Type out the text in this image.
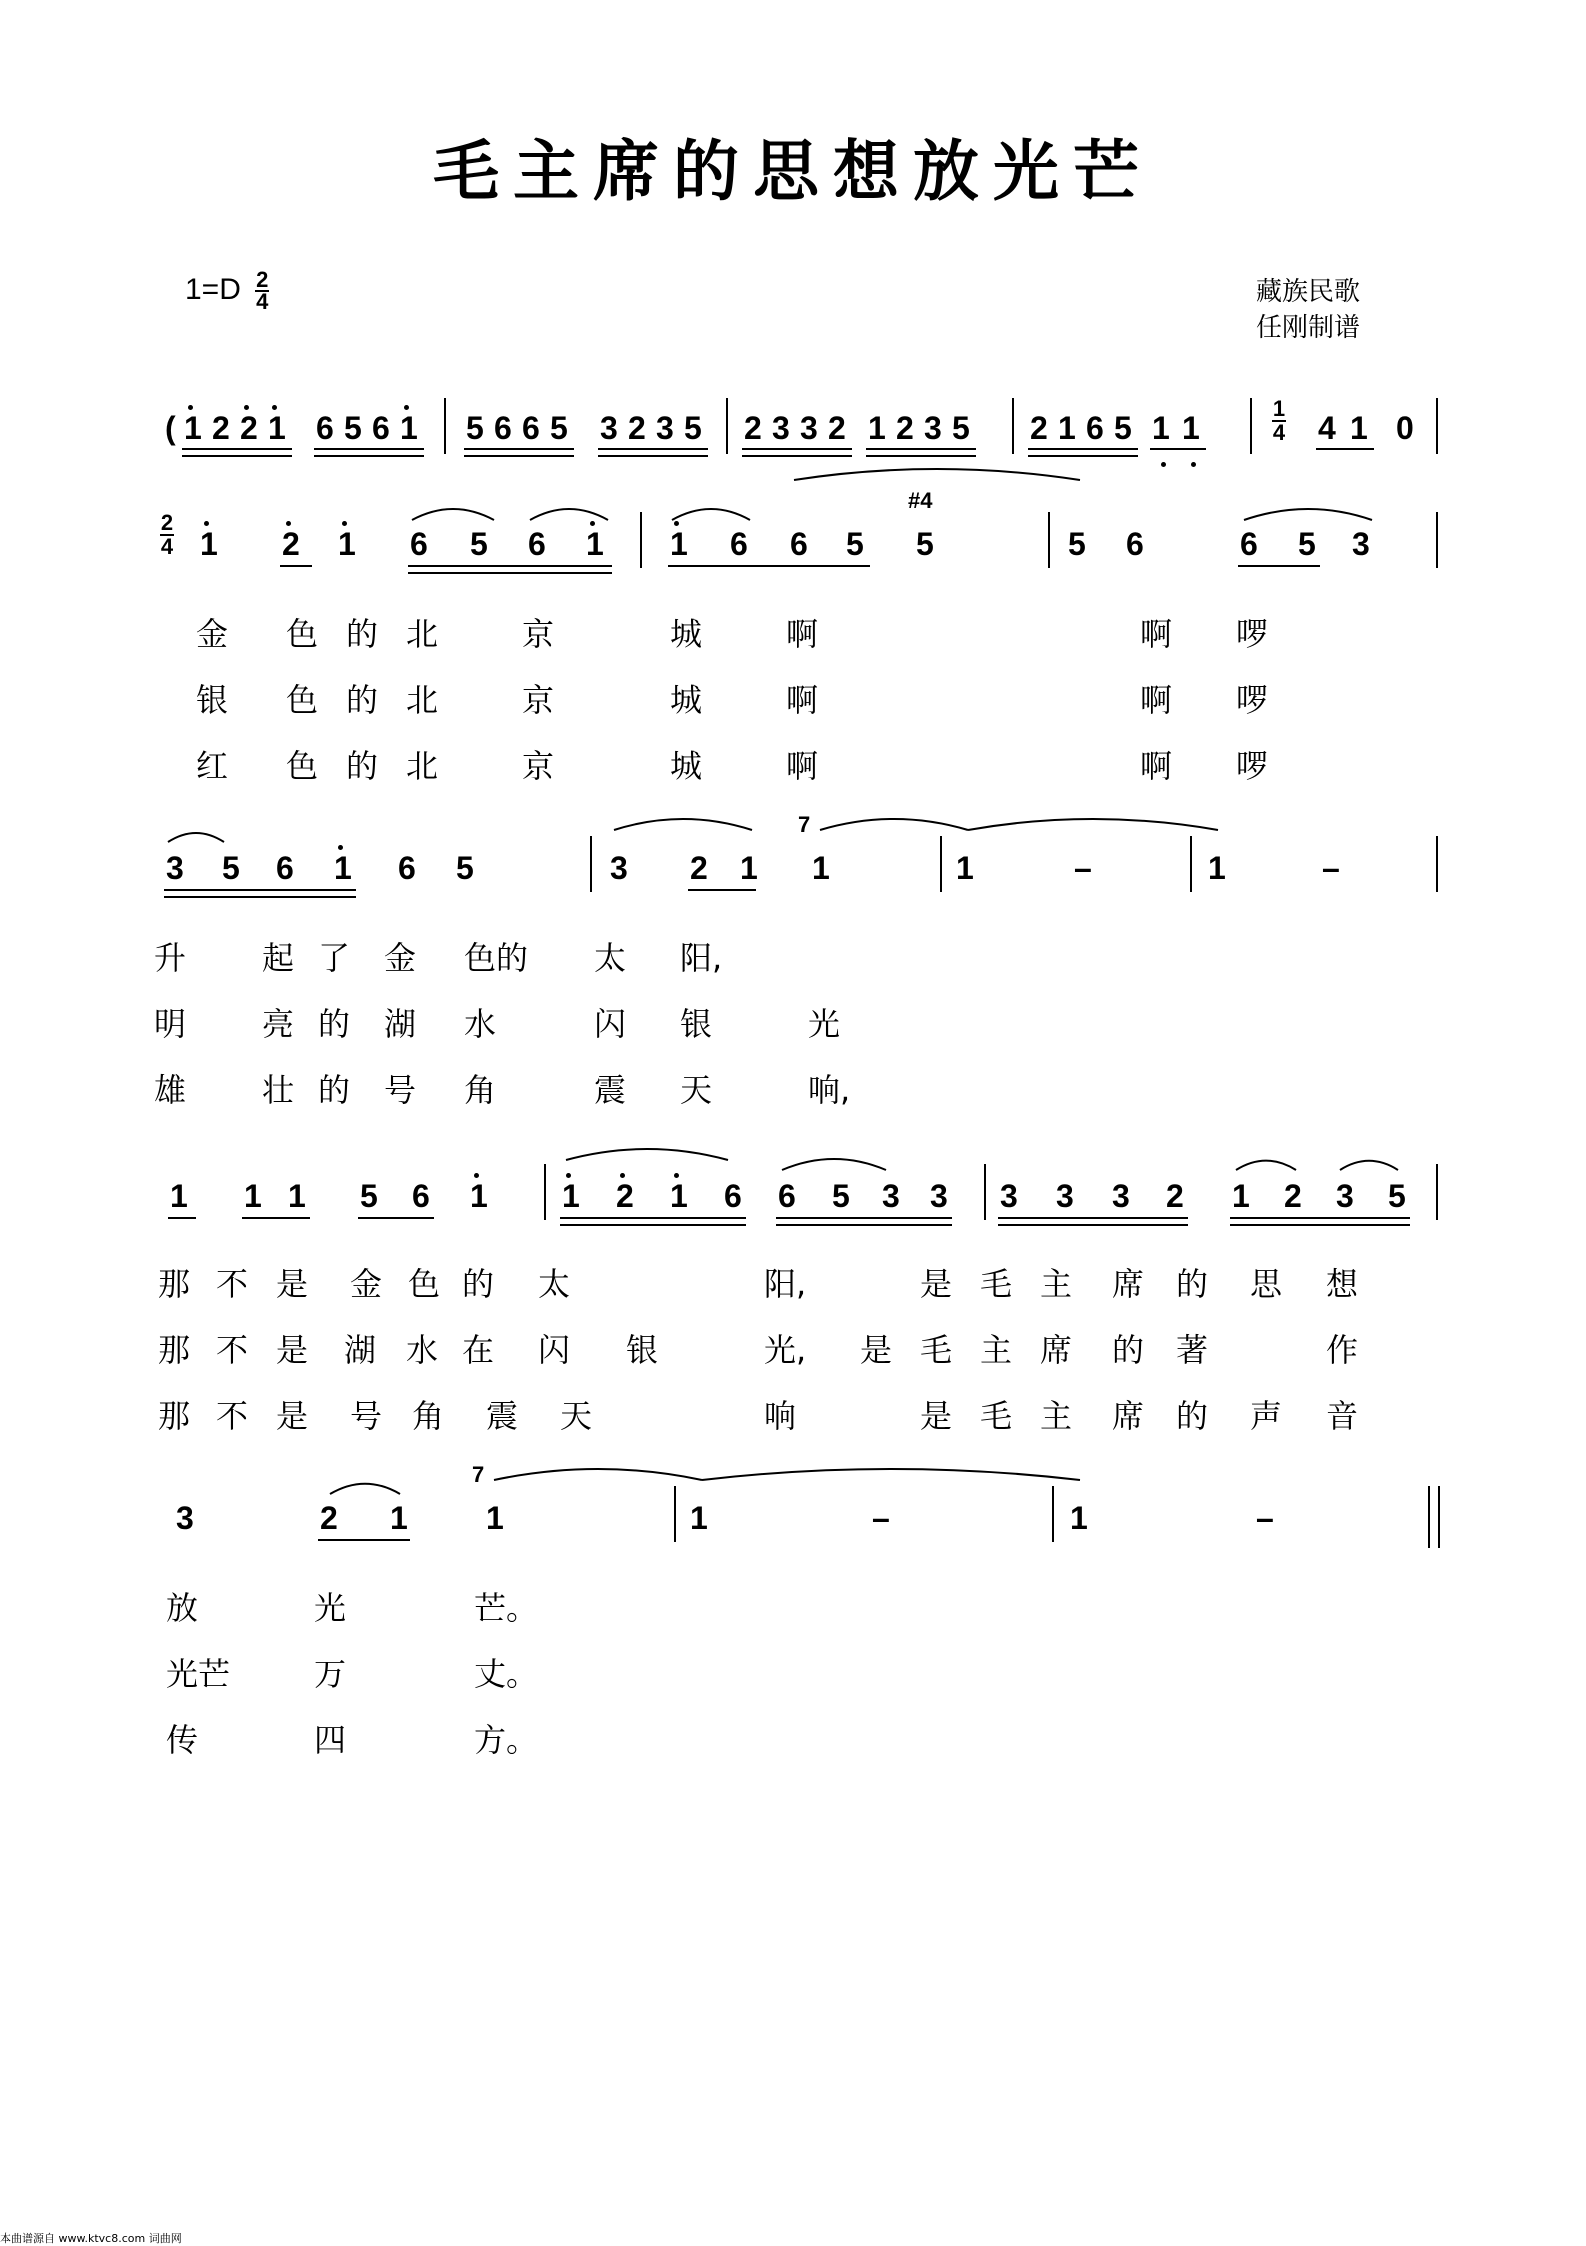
毛主席的思想放光芒
$1=D \frac{2}{4}$	藏族民歌
任刚制谱
( 1 2 2 1 6 5 6 1 5 6 6 5 3 2 3 5 2 3 3 2 1 2 3 5 2 1 6 5 1 1
1

4 4 1 0
2

4 1 2 1 6 5 6 1 1 6 6 5
#4
5	5 6	6 5 3
金 色 的 北	京	城	啊	啊 啰
银 色 的 北	京	城	啊	啊 啰
红 色 的 北	京	城	啊	啊 啰
3 5 6 1 6 5	3 2 1
7
1	1	–	1	–
升 起 了 金 色的 太 阳,
明 亮 的 湖 水	闪 银	光
雄 壮 的 号 角	震 天	响,
1 1 1 5 6 1 1 2 1 6 6 5 3 3 3 3 3 2 1 2 3 5
那 不 是 金 色 的 太	阳,	是 毛 主 席 的 思 想
那 不 是 湖 水 在 闪 银	光, 是 毛 主 席 的 著	作
那 不 是 号 角 震 天	响	是 毛 主 席 的 声 音
3	2 1
7
1	1	–	1	–
放	光	芒。
光芒	万	丈。
传	四	方。
本曲谱源自 www.ktvc8.com 词曲网
